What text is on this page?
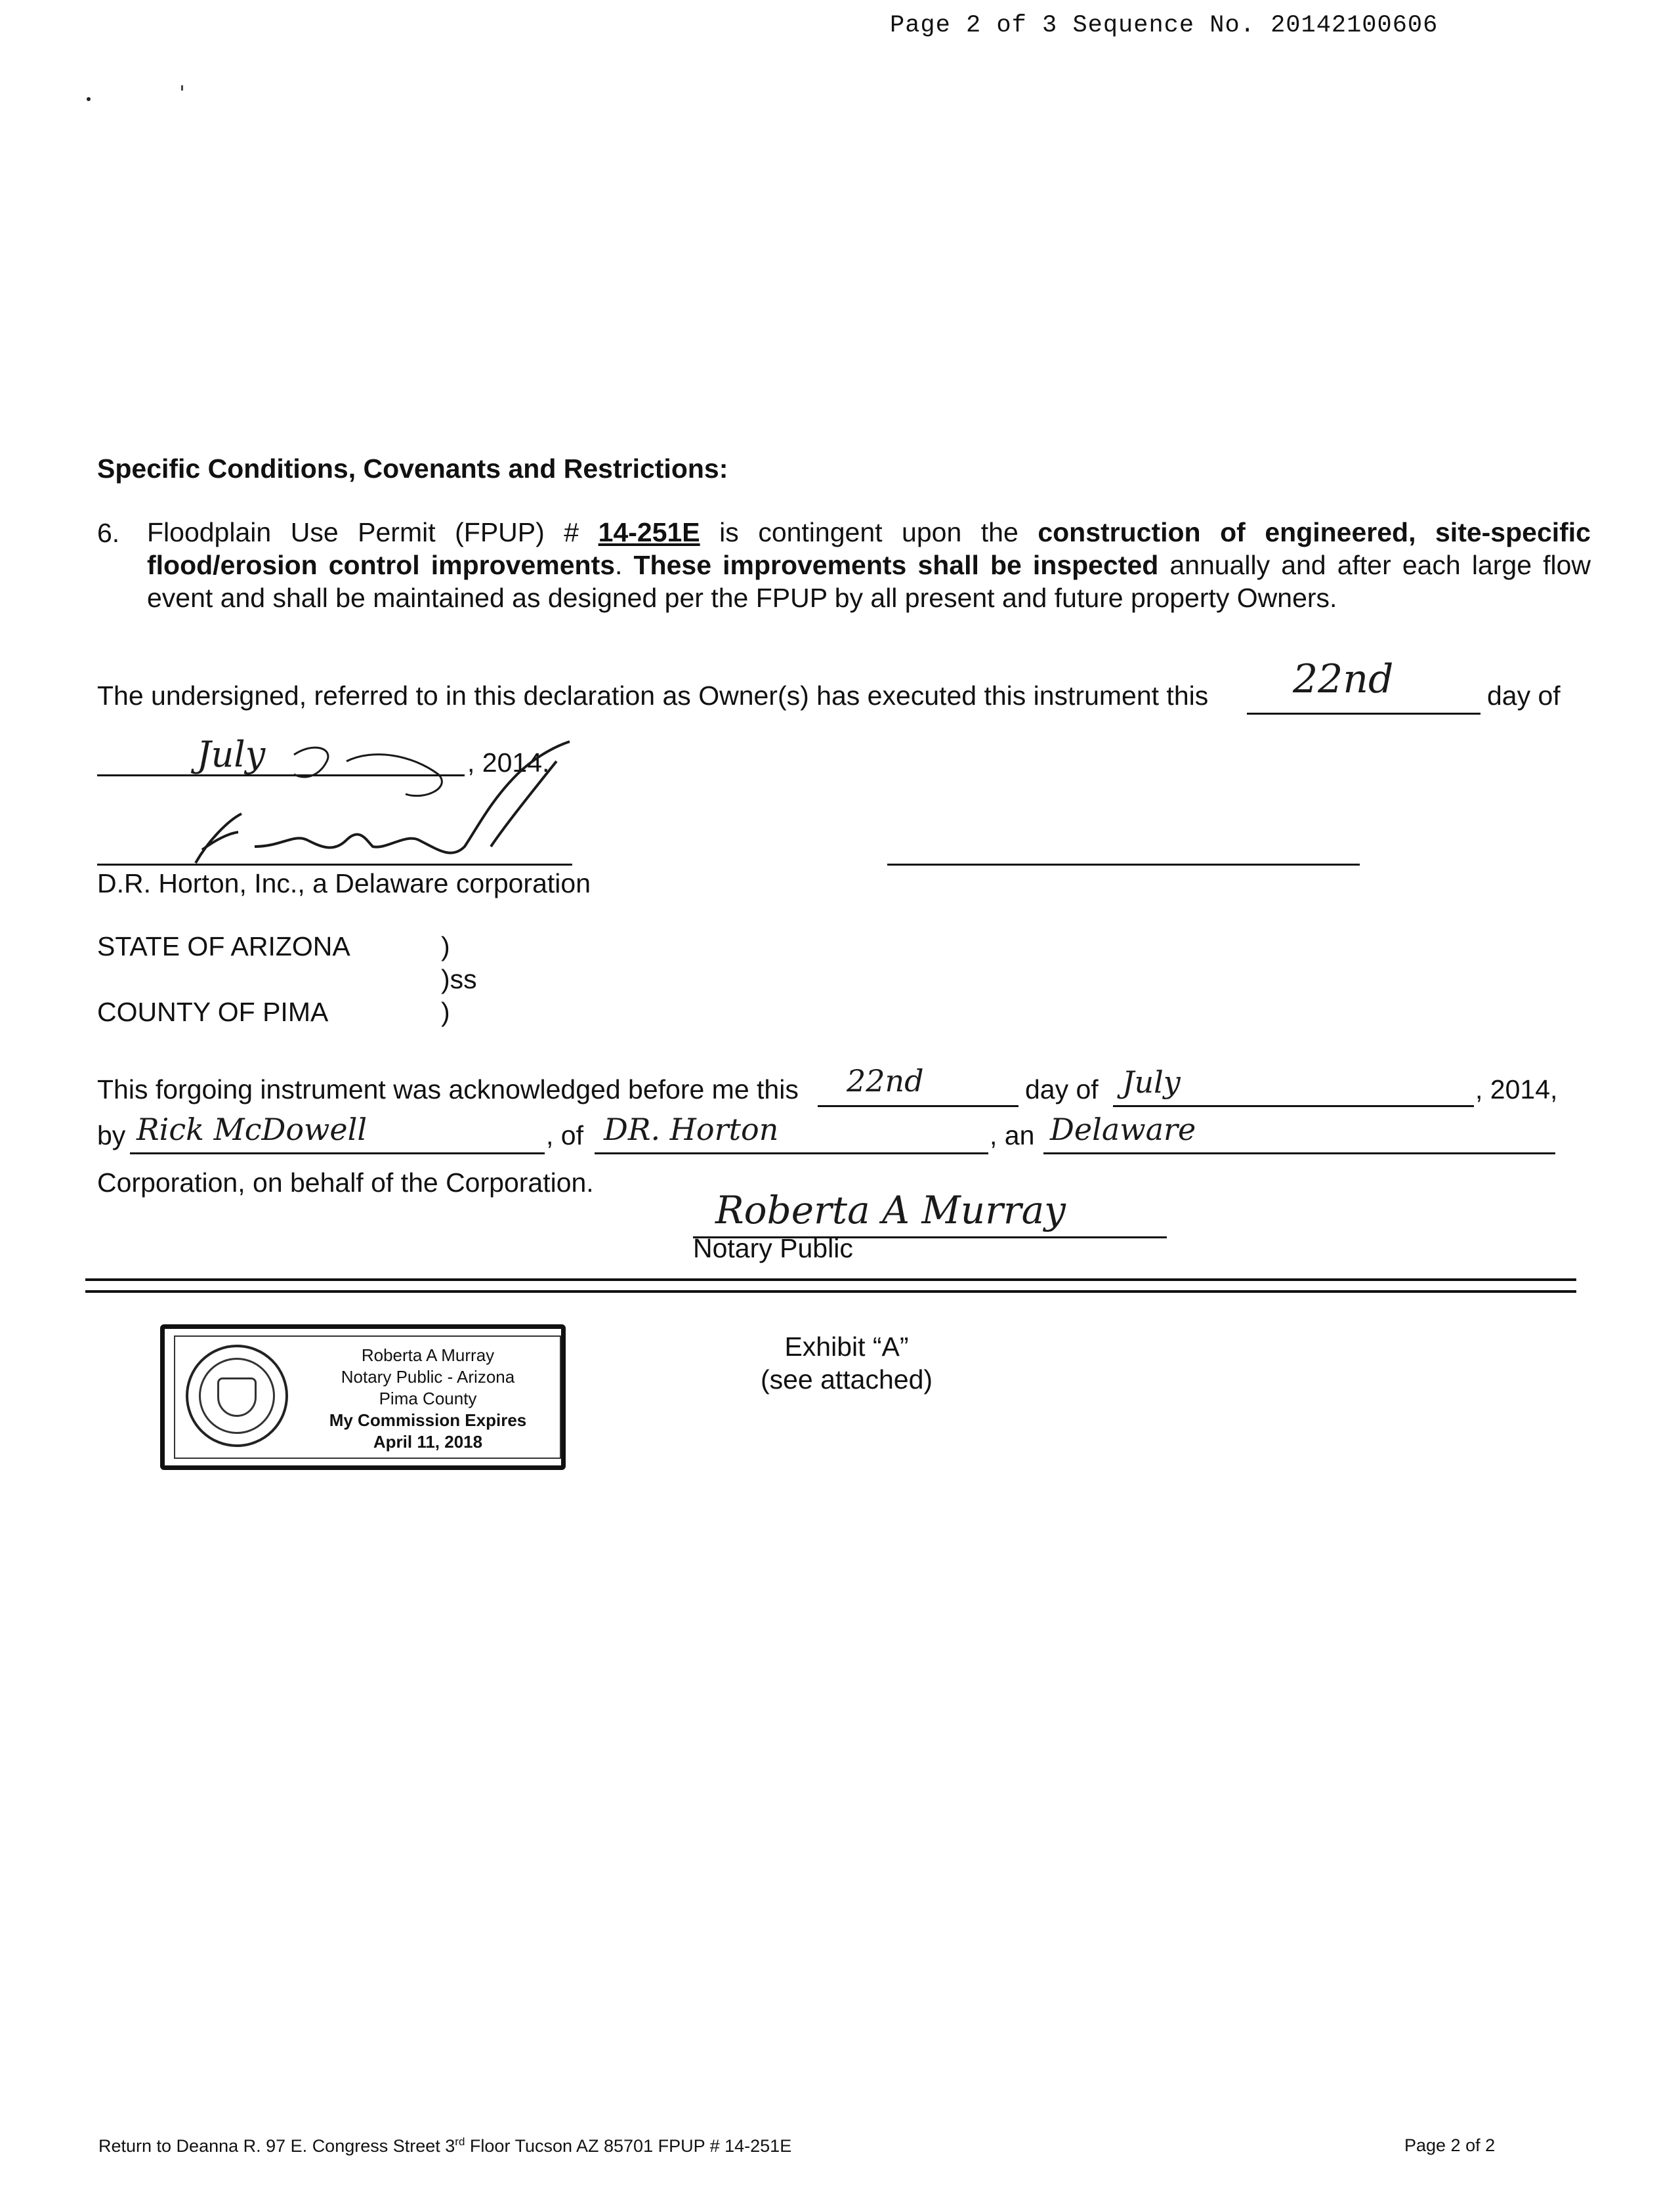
Page 2 of 3 Sequence No. 20142100606
Specific Conditions, Covenants and Restrictions:
6. Floodplain Use Permit (FPUP) # 14-251E is contingent upon the construction of engineered, site-specific flood/erosion control improvements. These improvements shall be inspected annually and after each large flow event and shall be maintained as designed per the FPUP by all present and future property Owners.
The undersigned, referred to in this declaration as Owner(s) has executed this instrument this 22nd	day of
July	, 2014.
D.R. Horton, Inc., a Delaware corporation
STATE OF ARIZONA	)
)ss
COUNTY OF PIMA	)
This forgoing instrument was acknowledged before me this 22nd	day of July	, 2014,
by Rick McDowell	, of DR. Horton	, an Delaware
Corporation, on behalf of the Corporation.
Roberta A Murray
Notary Public
Roberta A Murray
Notary Public - Arizona
Pima County
My Commission Expires
April 11, 2018
Exhibit “A”
(see attached)
Return to Deanna R. 97 E. Congress Street 3rd Floor Tucson AZ 85701 FPUP # 14-251E	Page 2 of 2
